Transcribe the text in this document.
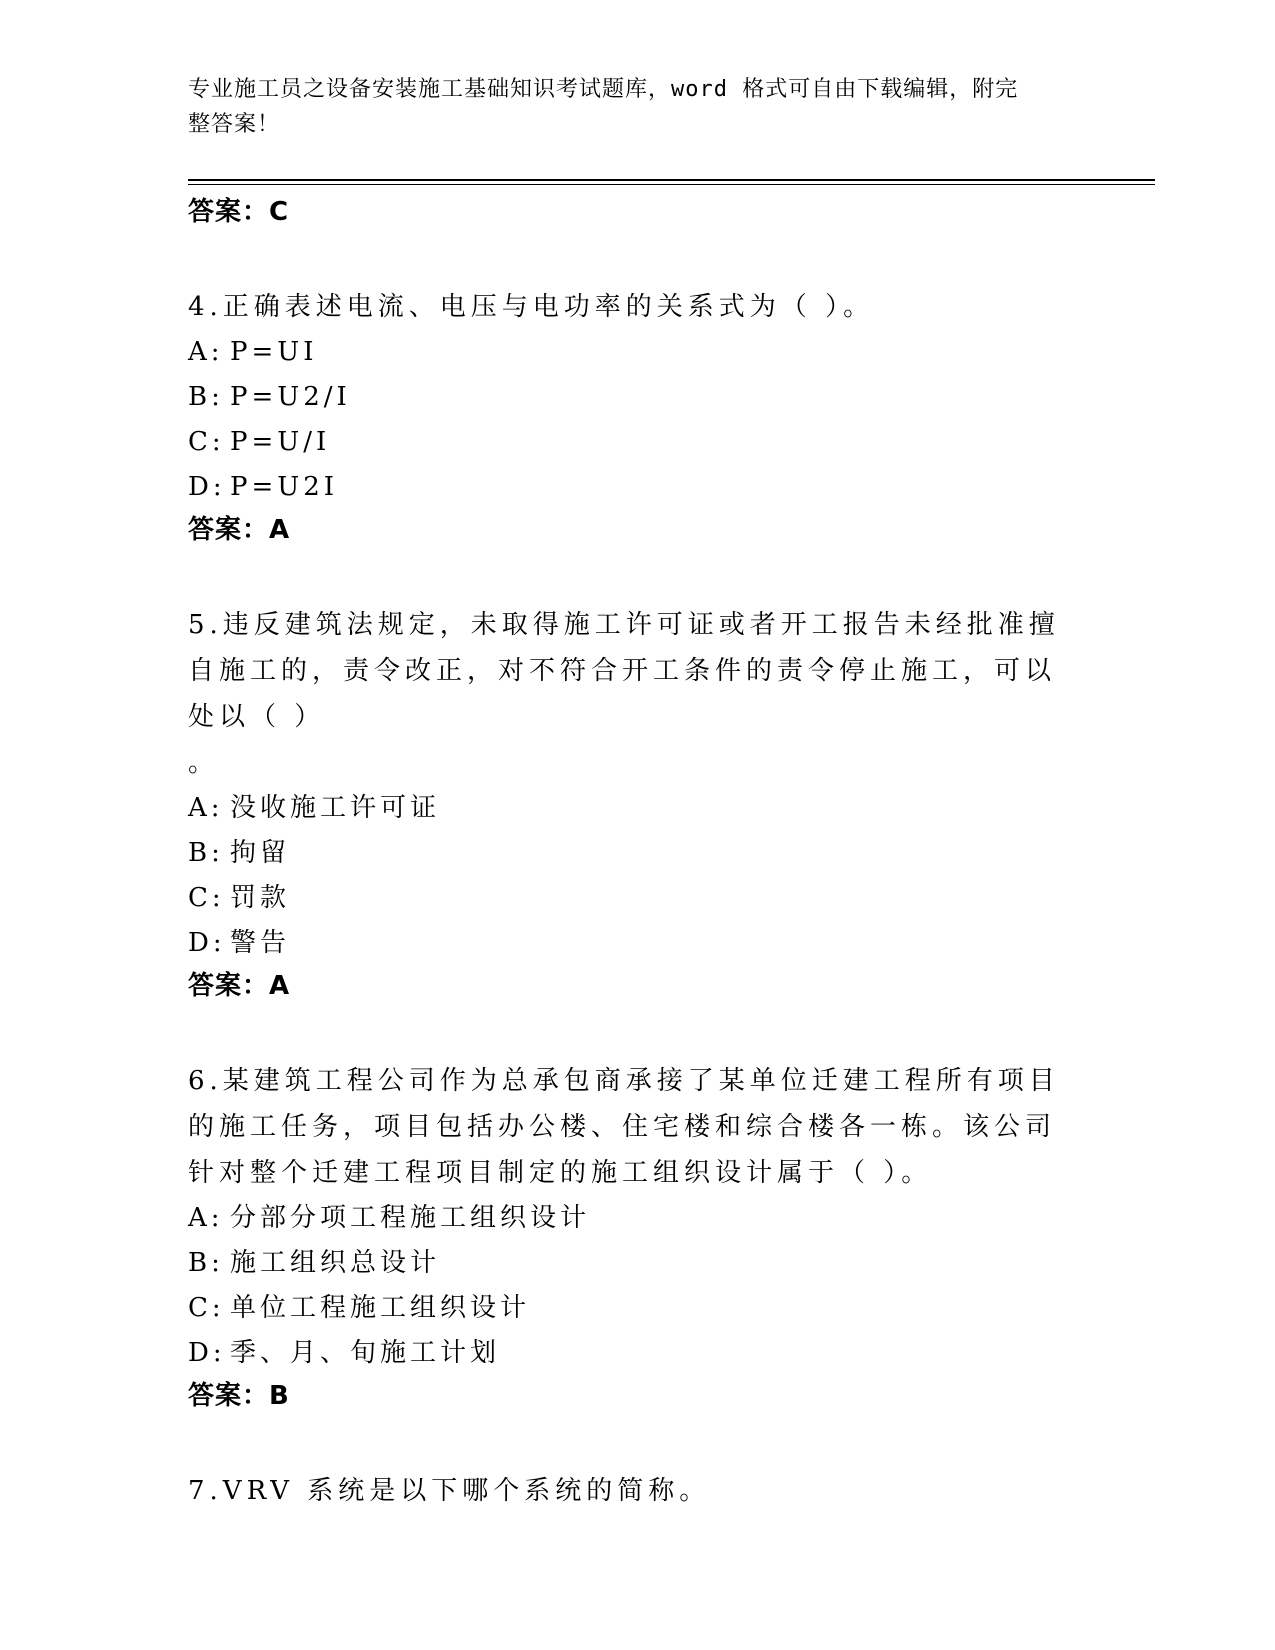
专业施工员之设备安装施工基础知识考试题库，word 格式可自由下载编辑，附完
整答案！
答案：C

4.正确表述电流、电压与电功率的关系式为（ ）。

A: P=UI
B: P=U2/I
C: P=U/I
D: P=U2I
答案：A

5.违反建筑法规定，未取得施工许可证或者开工报告未经批准擅自施工的，责令改正，对不符合开工条件的责令停止施工，可以处以（ ）

。

A: 没收施工许可证
B: 拘留
C: 罚款
D: 警告
答案：A

6.某建筑工程公司作为总承包商承接了某单位迁建工程所有项目的施工任务，项目包括办公楼、住宅楼和综合楼各一栋。该公司针对整个迁建工程项目制定的施工组织设计属于（ ）。

A: 分部分项工程施工组织设计
B: 施工组织总设计
C: 单位工程施工组织设计
D: 季、月、旬施工计划
答案：B

7.VRV 系统是以下哪个系统的简称。
